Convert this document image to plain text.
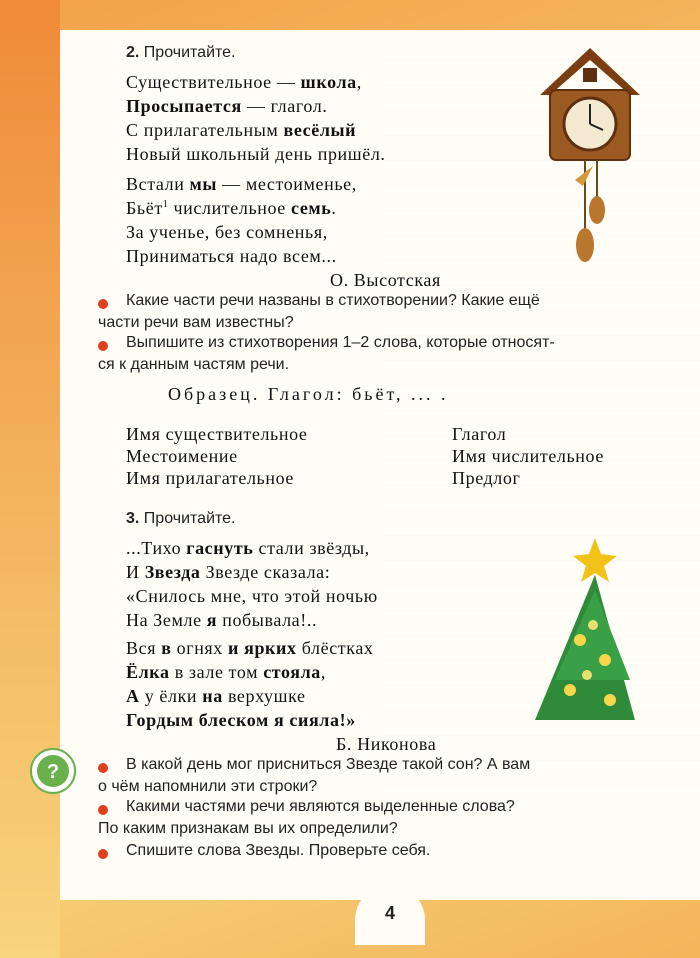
2. Прочитайте.
Существительное — школа,
Просыпается — глагол.
С прилагательным весёлый
Новый школьный день пришёл.
Встали мы — местоименье,
Бьёт$^1$ числительное семь.
За ученье, без сомненья,
Приниматься надо всем...
О. Высотская
Какие части речи названы в стихотворении? Какие ещё
части речи вам известны?
Выпишите из стихотворения 1–2 слова, которые относят-
ся к данным частям речи.
Образец. Глагол: бьёт, ... .
Имя существительное
Местоимение
Имя прилагательное
Глагол
Имя числительное
Предлог
3. Прочитайте.
...Тихо гаснуть стали звёзды,
И Звезда Звезде сказала:
«Снилось мне, что этой ночью
На Земле я побывала!..
Вся в огнях и ярких блёстках
Ёлка в зале том стояла,
А у ёлки на верхушке
Гордым блеском я сияла!»
Б. Никонова
В какой день мог присниться Звезде такой сон? А вам
о чём напомнили эти строки?
Какими частями речи являются выделенные слова?
По каким признакам вы их определили?
Спишите слова Звезды. Проверьте себя.
?
4
